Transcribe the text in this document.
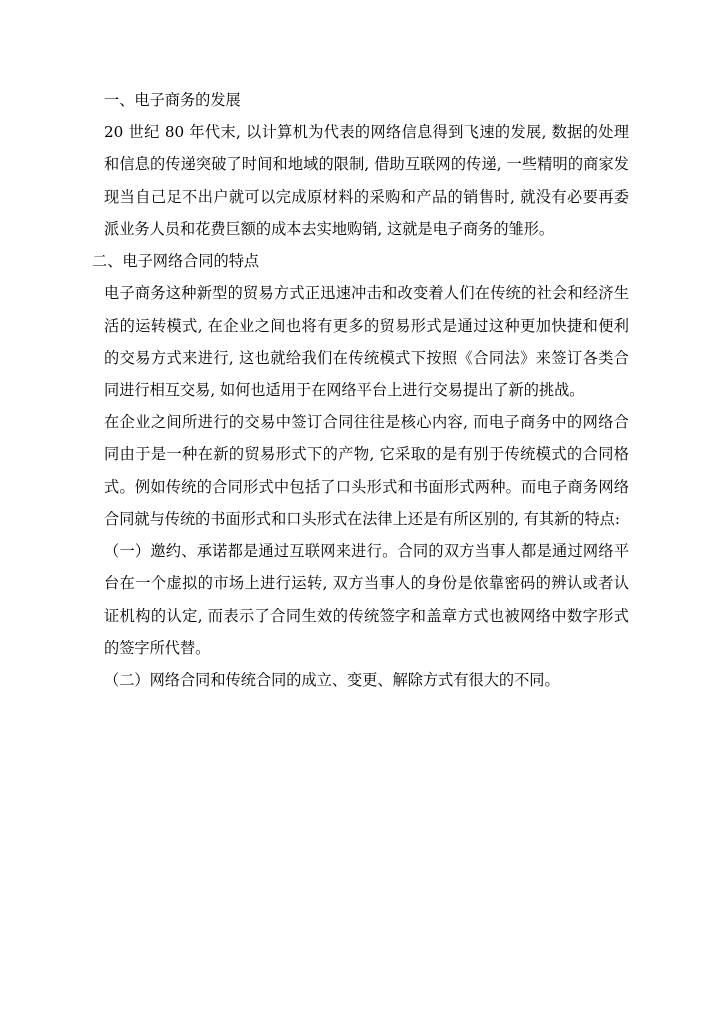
一、电子商务的发展

20 世纪 80 年代末, 以计算机为代表的网络信息得到飞速的发展, 数据的处理和信息的传递突破了时间和地域的限制, 借助互联网的传递, 一些精明的商家发现当自己足不出户就可以完成原材料的采购和产品的销售时, 就没有必要再委派业务人员和花费巨额的成本去实地购销, 这就是电子商务的雏形。

二、电子网络合同的特点

电子商务这种新型的贸易方式正迅速冲击和改变着人们在传统的社会和经济生活的运转模式, 在企业之间也将有更多的贸易形式是通过这种更加快捷和便利的交易方式来进行, 这也就给我们在传统模式下按照《合同法》来签订各类合同进行相互交易, 如何也适用于在网络平台上进行交易提出了新的挑战。

在企业之间所进行的交易中签订合同往往是核心内容, 而电子商务中的网络合同由于是一种在新的贸易形式下的产物, 它采取的是有别于传统模式的合同格式。例如传统的合同形式中包括了口头形式和书面形式两种。而电子商务网络合同就与传统的书面形式和口头形式在法律上还是有所区别的, 有其新的特点:

（一）邀约、承诺都是通过互联网来进行。合同的双方当事人都是通过网络平台在一个虚拟的市场上进行运转, 双方当事人的身份是依靠密码的辨认或者认证机构的认定, 而表示了合同生效的传统签字和盖章方式也被网络中数字形式的签字所代替。

（二）网络合同和传统合同的成立、变更、解除方式有很大的不同。
